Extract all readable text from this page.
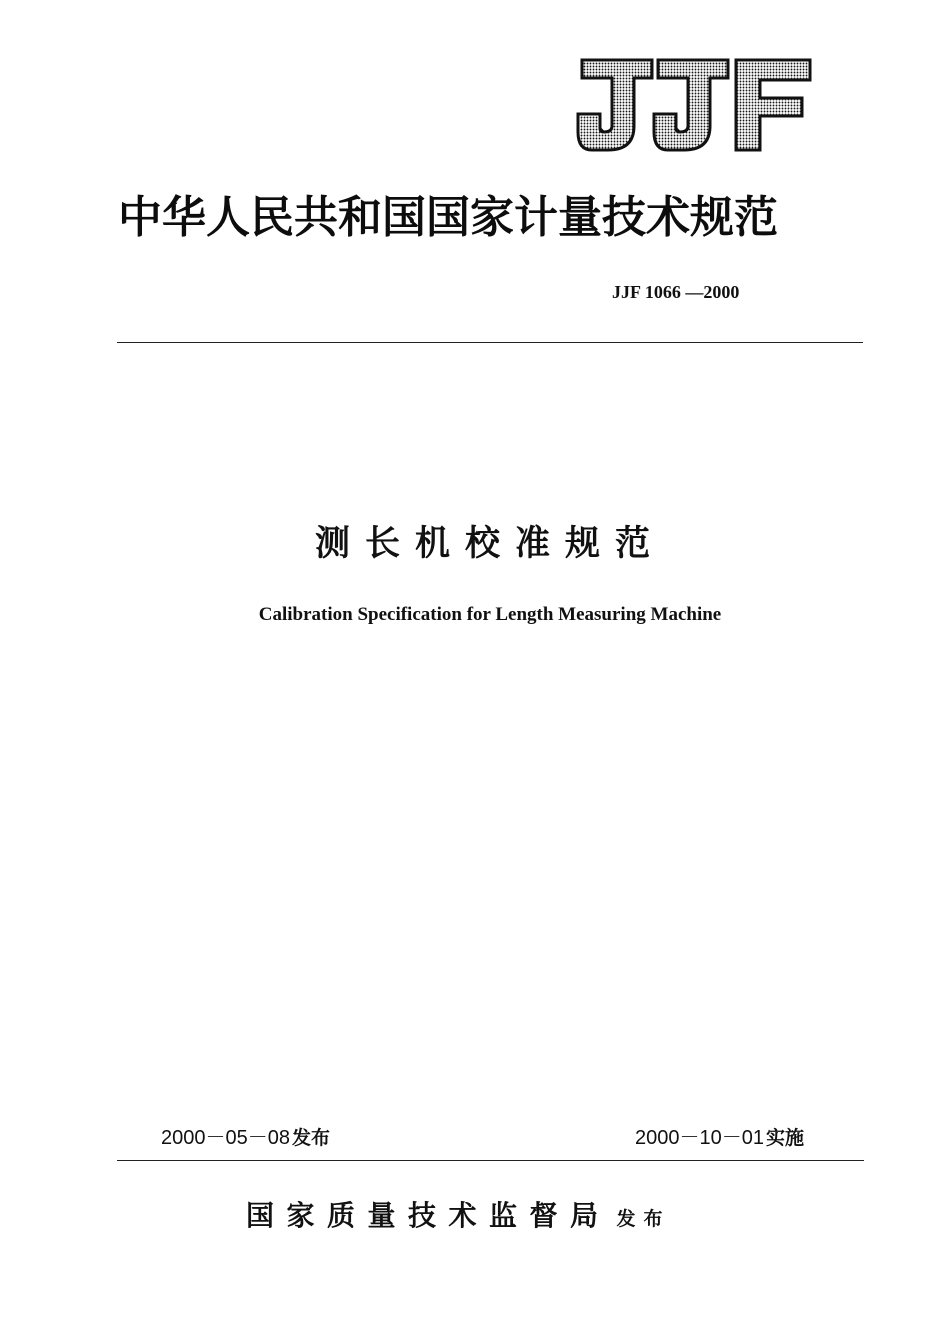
中华人民共和国国家计量技术规范
JJF 1066 —2000
测长机校准规范
Calibration Specification for Length Measuring Machine
2000－05－08 发布	2000－10－01 实施
国家质量技术监督局 发布
